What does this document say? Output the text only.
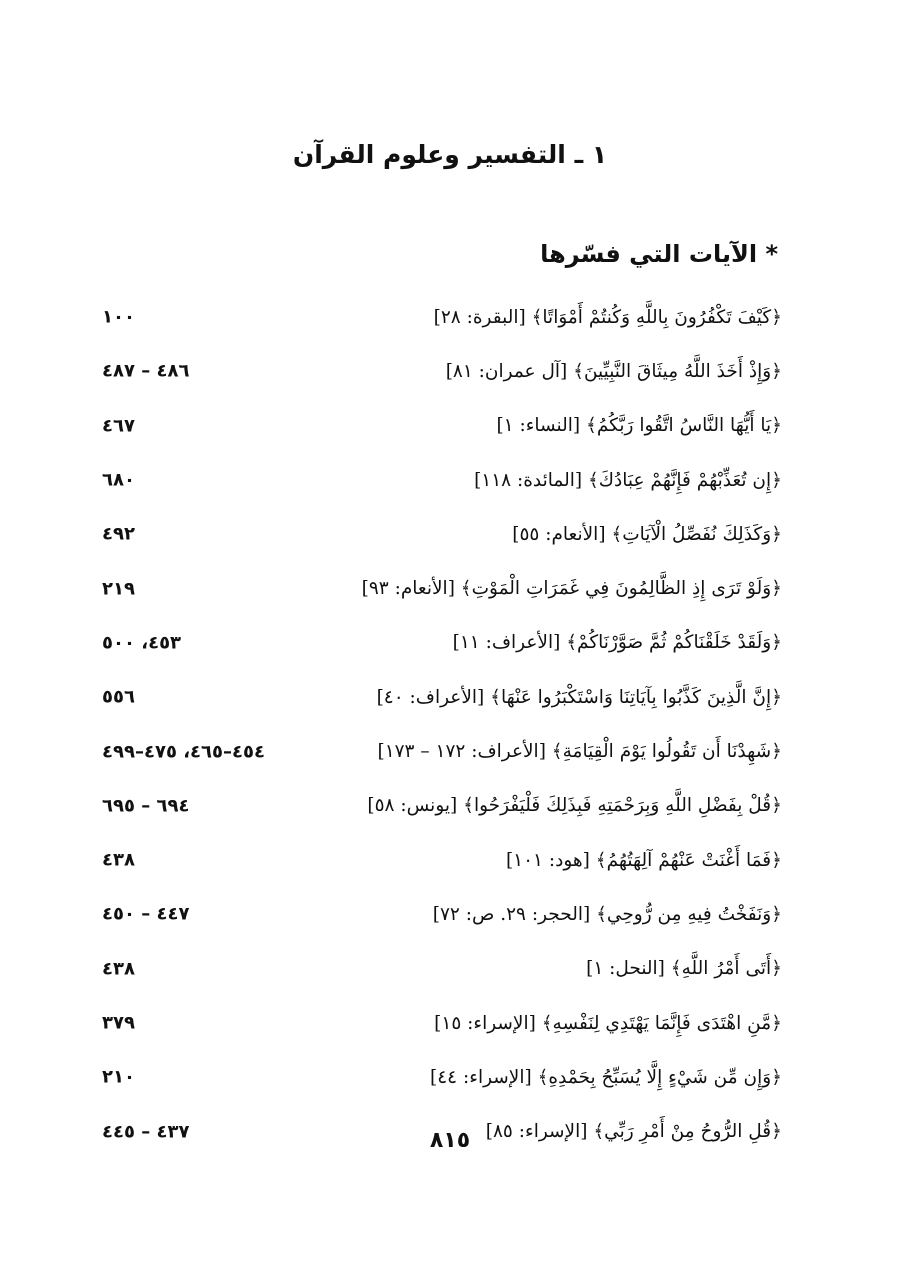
١ ـ التفسير وعلوم القرآن
* الآيات التي فسّرها
﴿كَيْفَ تَكْفُرُونَ بِاللَّهِ وَكُنتُمْ أَمْوَاتًا﴾ [البقرة: ٢٨]
١٠٠
﴿وَإِذْ أَخَذَ اللَّهُ مِيثَاقَ النَّبِيِّينَ﴾ [آل عمران: ٨١]
٤٨٦ – ٤٨٧
﴿يَا أَيُّهَا النَّاسُ اتَّقُوا رَبَّكُمُ﴾ [النساء: ١]
٤٦٧
﴿إِن تُعَذِّبْهُمْ فَإِنَّهُمْ عِبَادُكَ﴾ [المائدة: ١١٨]
٦٨٠
﴿وَكَذَلِكَ نُفَصِّلُ الْآيَاتِ﴾ [الأنعام: ٥٥]
٤٩٢
﴿وَلَوْ تَرَى إِذِ الظَّالِمُونَ فِي غَمَرَاتِ الْمَوْتِ﴾ [الأنعام: ٩٣]
٢١٩
﴿وَلَقَدْ خَلَقْنَاكُمْ ثُمَّ صَوَّرْنَاكُمْ﴾ [الأعراف: ١١]
٤٥٣، ٥٠٠
﴿إِنَّ الَّذِينَ كَذَّبُوا بِآيَاتِنَا وَاسْتَكْبَرُوا عَنْهَا﴾ [الأعراف: ٤٠]
٥٥٦
﴿شَهِدْنَا أَن تَقُولُوا يَوْمَ الْقِيَامَةِ﴾ [الأعراف: ١٧٢ – ١٧٣]
٤٥٤–٤٦٥، ٤٧٥–٤٩٩
﴿قُلْ بِفَضْلِ اللَّهِ وَبِرَحْمَتِهِ فَبِذَلِكَ فَلْيَفْرَحُوا﴾ [يونس: ٥٨]
٦٩٤ – ٦٩٥
﴿فَمَا أَغْنَتْ عَنْهُمْ آلِهَتُهُمُ﴾ [هود: ١٠١]
٤٣٨
﴿وَنَفَخْتُ فِيهِ مِن رُّوحِي﴾ [الحجر: ٢٩. ص: ٧٢]
٤٤٧ – ٤٥٠
﴿أَتَى أَمْرُ اللَّهِ﴾ [النحل: ١]
٤٣٨
﴿مَّنِ اهْتَدَى فَإِنَّمَا يَهْتَدِي لِنَفْسِهِ﴾ [الإسراء: ١٥]
٣٧٩
﴿وَإِن مِّن شَيْءٍ إِلَّا يُسَبِّحُ بِحَمْدِهِ﴾ [الإسراء: ٤٤]
٢١٠
﴿قُلِ الرُّوحُ مِنْ أَمْرِ رَبِّي﴾ [الإسراء: ٨٥]
٤٣٧ – ٤٤٥	٨١٥
